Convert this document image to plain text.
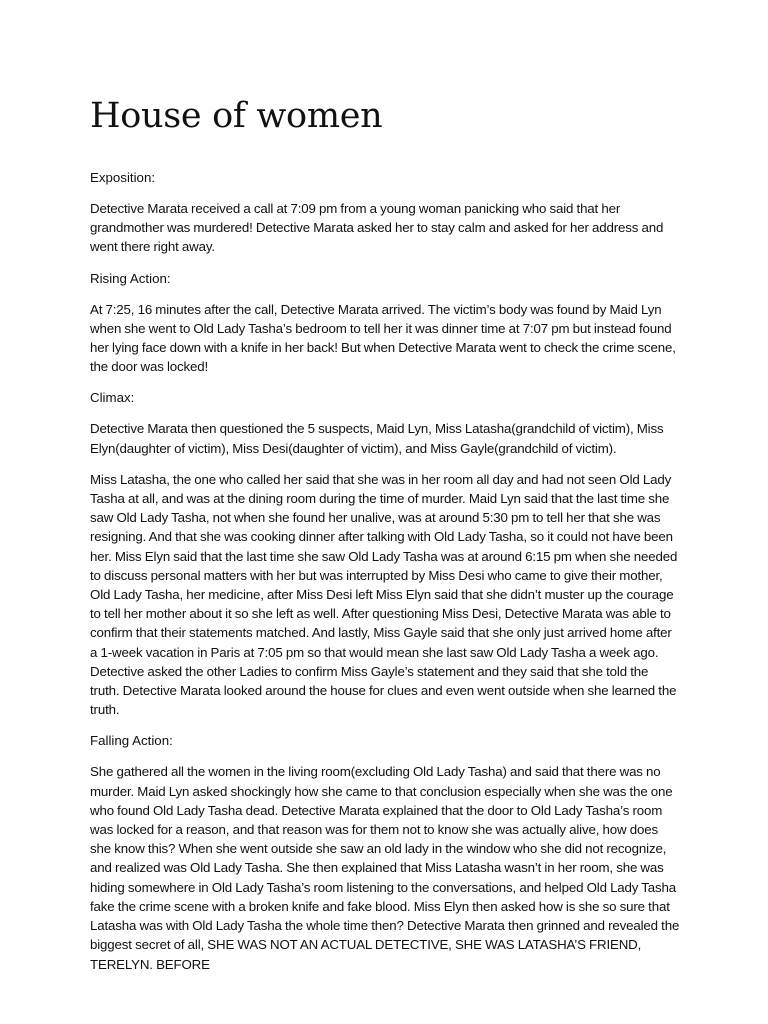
House of women
Exposition:

Detective Marata received a call at 7:09 pm from a young woman panicking who said that her grandmother was murdered! Detective Marata asked her to stay calm and asked for her address and went there right away.

Rising Action:

At 7:25, 16 minutes after the call, Detective Marata arrived. The victim’s body was found by Maid Lyn when she went to Old Lady Tasha’s bedroom to tell her it was dinner time at 7:07 pm but instead found her lying face down with a knife in her back! But when Detective Marata went to check the crime scene, the door was locked!

Climax:

Detective Marata then questioned the 5 suspects, Maid Lyn, Miss Latasha(grandchild of victim), Miss Elyn(daughter of victim), Miss Desi(daughter of victim), and Miss Gayle(grandchild of victim).

Miss Latasha, the one who called her said that she was in her room all day and had not seen Old Lady Tasha at all, and was at the dining room during the time of murder. Maid Lyn said that the last time she saw Old Lady Tasha, not when she found her unalive, was at around 5:30 pm to tell her that she was resigning. And that she was cooking dinner after talking with Old Lady Tasha, so it could not have been her. Miss Elyn said that the last time she saw Old Lady Tasha was at around 6:15 pm when she needed to discuss personal matters with her but was interrupted by Miss Desi who came to give their mother, Old Lady Tasha, her medicine, after Miss Desi left Miss Elyn said that she didn’t muster up the courage to tell her mother about it so she left as well. After questioning Miss Desi, Detective Marata was able to confirm that their statements matched. And lastly, Miss Gayle said that she only just arrived home after a 1-week vacation in Paris at 7:05 pm so that would mean she last saw Old Lady Tasha a week ago. Detective asked the other Ladies to confirm Miss Gayle’s statement and they said that she told the truth. Detective Marata looked around the house for clues and even went outside when she learned the truth.

Falling Action:

She gathered all the women in the living room(excluding Old Lady Tasha) and said that there was no murder. Maid Lyn asked shockingly how she came to that conclusion especially when she was the one who found Old Lady Tasha dead. Detective Marata explained that the door to Old Lady Tasha’s room was locked for a reason, and that reason was for them not to know she was actually alive, how does she know this? When she went outside she saw an old lady in the window who she did not recognize, and realized was Old Lady Tasha. She then explained that Miss Latasha wasn’t in her room, she was hiding somewhere in Old Lady Tasha’s room listening to the conversations, and helped Old Lady Tasha fake the crime scene with a broken knife and fake blood. Miss Elyn then asked how is she so sure that Latasha was with Old Lady Tasha the whole time then? Detective Marata then grinned and revealed the biggest secret of all, SHE WAS NOT AN ACTUAL DETECTIVE, SHE WAS LATASHA’S FRIEND, TERELYN. BEFORE
